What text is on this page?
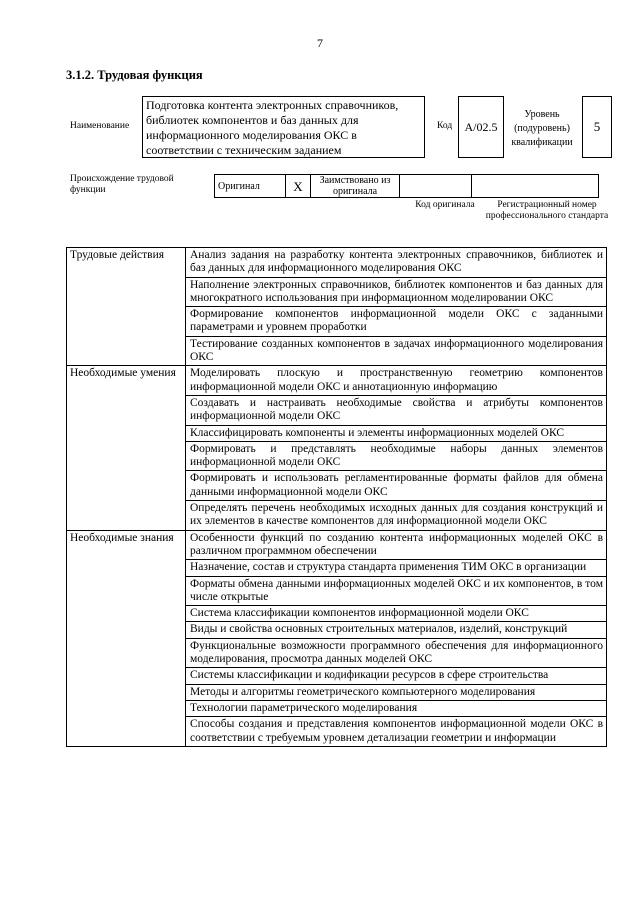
7
3.1.2. Трудовая функция
Наименование
Подготовка контента электронных справочников, библиотек компонентов и баз данных для информационного моделирования ОКС в соответствии с техническим заданием
Код А/02.5
Уровень (подуровень) квалификации
5
Происхождение трудовой функции	Оригинал	X	Заимствовано из оригинала		
Код оригинала	Регистрационный номер профессионального стандарта
Трудовые действия	Анализ задания на разработку контента электронных справочников, библиотек и баз данных для информационного моделирования ОКС
	Наполнение электронных справочников, библиотек компонентов и баз данных для многократного использования при информационном моделировании ОКС
	Формирование компонентов информационной модели ОКС с заданными параметрами и уровнем проработки
	Тестирование созданных компонентов в задачах информационного моделирования ОКС
Необходимые умения	Моделировать плоскую и пространственную геометрию компонентов информационной модели ОКС и аннотационную информацию
	Создавать и настраивать необходимые свойства и атрибуты компонентов информационной модели ОКС
	Классифицировать компоненты и элементы информационных моделей ОКС
	Формировать и представлять необходимые наборы данных элементов информационной модели ОКС
	Формировать и использовать регламентированные форматы файлов для обмена данными информационной модели ОКС
	Определять перечень необходимых исходных данных для создания конструкций и их элементов в качестве компонентов для информационной модели ОКС
Необходимые знания	Особенности функций по созданию контента информационных моделей ОКС в различном программном обеспечении
	Назначение, состав и структура стандарта применения ТИМ ОКС в организации
	Форматы обмена данными информационных моделей ОКС и их компонентов, в том числе открытые
	Система классификации компонентов информационной модели ОКС
	Виды и свойства основных строительных материалов, изделий, конструкций
	Функциональные возможности программного обеспечения для информационного моделирования, просмотра данных моделей ОКС
	Системы классификации и кодификации ресурсов в сфере строительства
	Методы и алгоритмы геометрического компьютерного моделирования
	Технологии параметрического моделирования
	Способы создания и представления компонентов информационной модели ОКС в соответствии с требуемым уровнем детализации геометрии и информации
